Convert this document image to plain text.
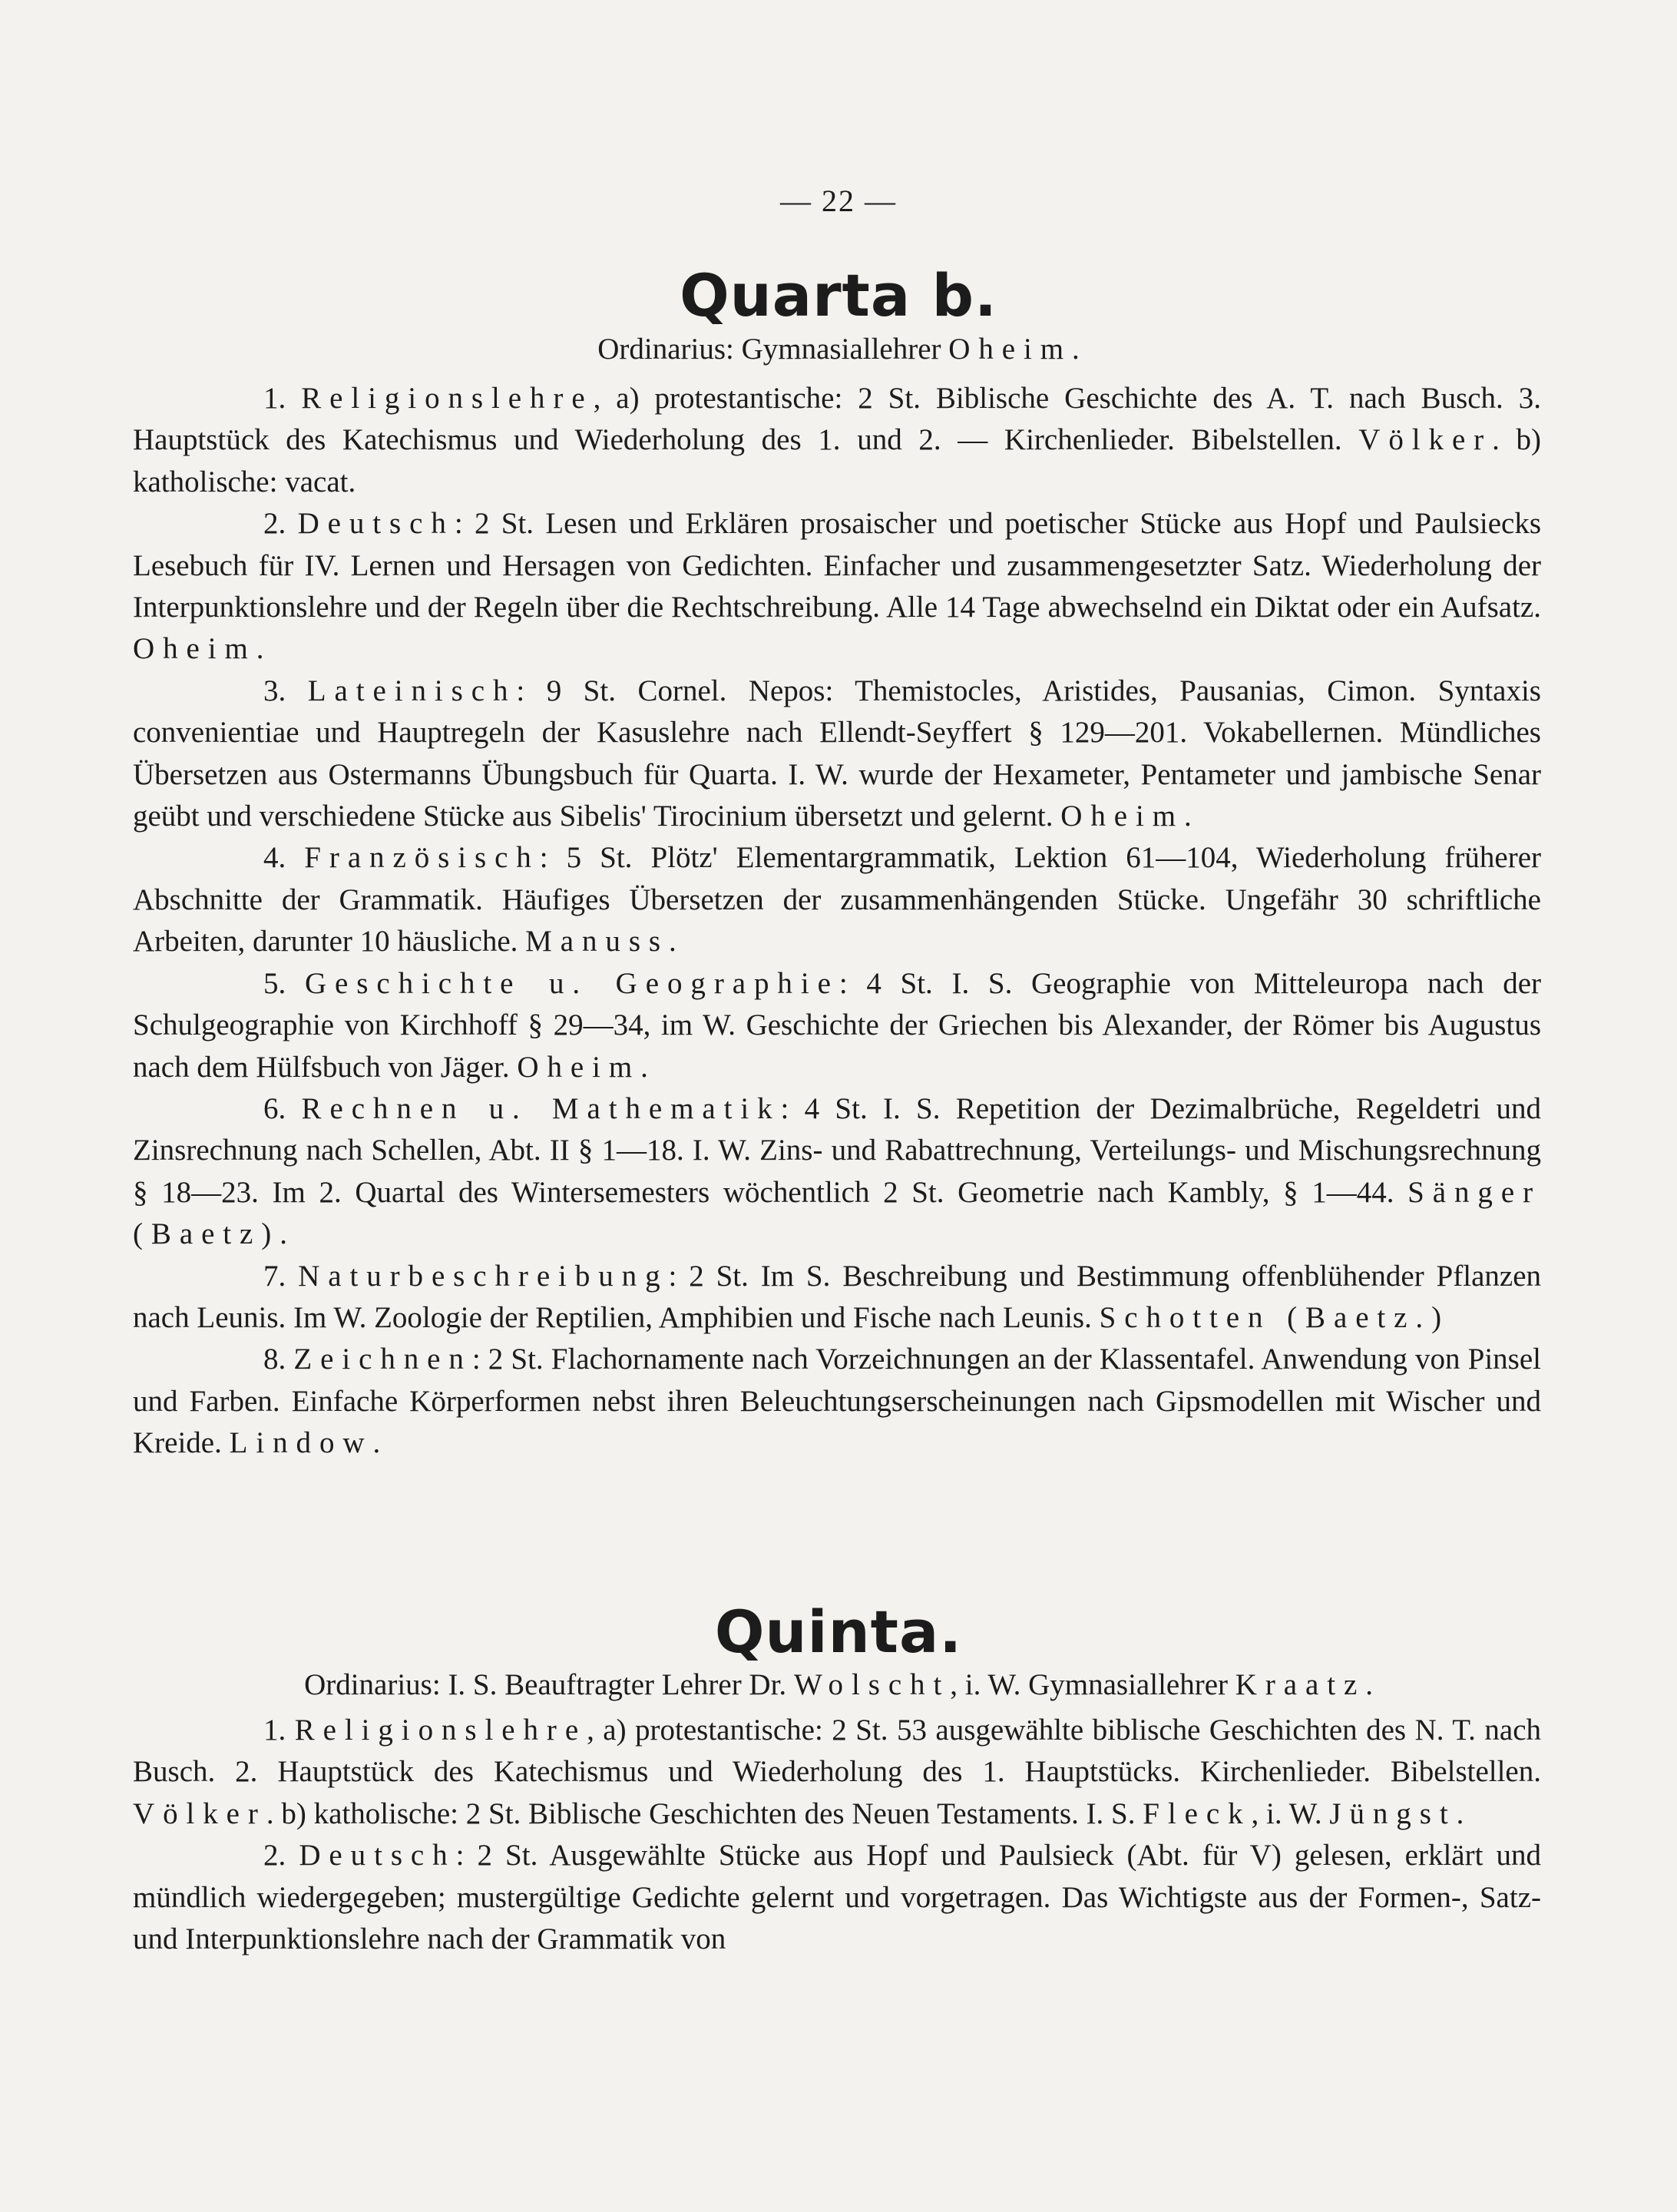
— 22 —
Quarta b.
Ordinarius: Gymnasiallehrer Oheim.

1. Religionslehre, a) protestantische: 2 St. Biblische Geschichte des A. T. nach Busch. 3. Hauptstück des Katechismus und Wiederholung des 1. und 2. — Kirchenlieder. Bibelstellen. Völker. b) katholische: vacat.

2. Deutsch: 2 St. Lesen und Erklären prosaischer und poetischer Stücke aus Hopf und Paulsiecks Lesebuch für IV. Lernen und Hersagen von Gedichten. Einfacher und zusammengesetzter Satz. Wiederholung der Interpunktionslehre und der Regeln über die Rechtschreibung. Alle 14 Tage abwechselnd ein Diktat oder ein Aufsatz. Oheim.

3. Lateinisch: 9 St. Cornel. Nepos: Themistocles, Aristides, Pausanias, Cimon. Syntaxis convenientiae und Hauptregeln der Kasuslehre nach Ellendt-Seyffert § 129—201. Vokabellernen. Mündliches Übersetzen aus Ostermanns Übungsbuch für Quarta. I. W. wurde der Hexameter, Pentameter und jambische Senar geübt und verschiedene Stücke aus Sibelis' Tirocinium übersetzt und gelernt. Oheim.

4. Französisch: 5 St. Plötz' Elementargrammatik, Lektion 61—104, Wiederholung früherer Abschnitte der Grammatik. Häufiges Übersetzen der zusammenhängenden Stücke. Ungefähr 30 schriftliche Arbeiten, darunter 10 häusliche. Manuss.

5. Geschichte u. Geographie: 4 St. I. S. Geographie von Mitteleuropa nach der Schulgeographie von Kirchhoff § 29—34, im W. Geschichte der Griechen bis Alexander, der Römer bis Augustus nach dem Hülfsbuch von Jäger. Oheim.

6. Rechnen u. Mathematik: 4 St. I. S. Repetition der Dezimalbrüche, Regeldetri und Zinsrechnung nach Schellen, Abt. II § 1—18. I. W. Zins- und Rabattrechnung, Verteilungs- und Mischungsrechnung § 18—23. Im 2. Quartal des Wintersemesters wöchentlich 2 St. Geometrie nach Kambly, § 1—44. Sänger (Baetz).

7. Naturbeschreibung: 2 St. Im S. Beschreibung und Bestimmung offenblühender Pflanzen nach Leunis. Im W. Zoologie der Reptilien, Amphibien und Fische nach Leunis. Schotten (Baetz.)

8. Zeichnen: 2 St. Flachornamente nach Vorzeichnungen an der Klassentafel. Anwendung von Pinsel und Farben. Einfache Körperformen nebst ihren Beleuchtungserscheinungen nach Gipsmodellen mit Wischer und Kreide. Lindow.

Quinta.
Ordinarius: I. S. Beauftragter Lehrer Dr. Wolscht, i. W. Gymnasiallehrer Kraatz.

1. Religionslehre, a) protestantische: 2 St. 53 ausgewählte biblische Geschichten des N. T. nach Busch. 2. Hauptstück des Katechismus und Wiederholung des 1. Hauptstücks. Kirchenlieder. Bibelstellen. Völker. b) katholische: 2 St. Biblische Geschichten des Neuen Testaments. I. S. Fleck, i. W. Jüngst.

2. Deutsch: 2 St. Ausgewählte Stücke aus Hopf und Paulsieck (Abt. für V) gelesen, erklärt und mündlich wiedergegeben; mustergültige Gedichte gelernt und vorgetragen. Das Wichtigste aus der Formen-, Satz- und Interpunktionslehre nach der Grammatik von
